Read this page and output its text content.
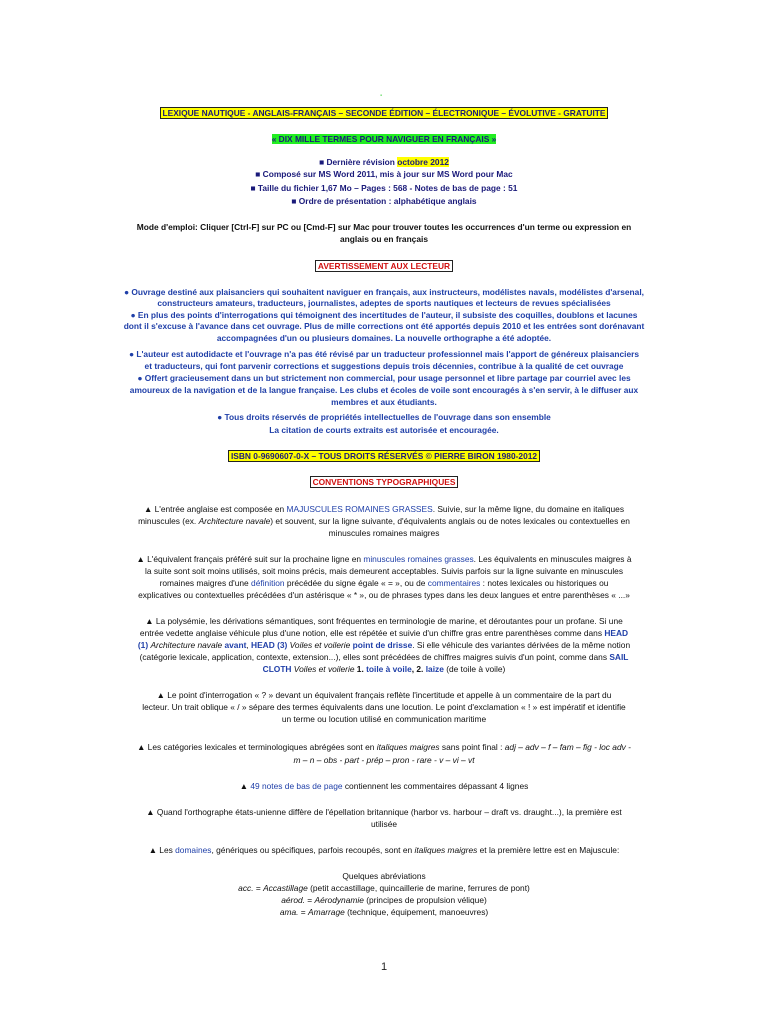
▪

LEXIQUE NAUTIQUE - ANGLAIS-FRANÇAIS – SECONDE ÉDITION – ÉLECTRONIQUE – ÉVOLUTIVE - GRATUITE

« DIX MILLE TERMES POUR NAVIGUER EN FRANÇAIS »

■ Dernière révision octobre 2012

■ Composé sur MS Word 2011, mis à jour sur MS Word pour Mac

■ Taille du fichier 1,67 Mo – Pages : 568 - Notes de bas de page : 51

■ Ordre de présentation : alphabétique anglais

Mode d'emploi: Cliquer [Ctrl-F] sur PC ou [Cmd-F] sur Mac pour trouver toutes les occurrences d'un terme ou expression en

anglais ou en français

AVERTISSEMENT AUX LECTEUR

● Ouvrage destiné aux plaisanciers qui souhaitent naviguer en français, aux instructeurs, modélistes navals, modélistes d'arsenal,

constructeurs amateurs, traducteurs, journalistes, adeptes de sports nautiques et lecteurs de revues spécialisées

● En plus des points d'interrogations qui témoignent des incertitudes de l'auteur, il subsiste des coquilles, doublons et lacunes

dont il s'excuse à l'avance dans cet ouvrage. Plus de mille corrections ont été apportés depuis 2010 et les entrées sont dorénavant

accompagnées d'un ou plusieurs domaines. La nouvelle orthographe a été adoptée.

● L'auteur est autodidacte et l'ouvrage n'a pas été révisé par un traducteur professionnel mais l'apport de généreux plaisanciers

et traducteurs, qui font parvenir corrections et suggestions depuis trois décennies, contribue à la qualité de cet ouvrage

● Offert gracieusement dans un but strictement non commercial, pour usage personnel et libre partage par courriel avec les

amoureux de la navigation et de la langue française. Les clubs et écoles de voile sont encouragés à s'en servir, à le diffuser aux

membres et aux étudiants.

● Tous droits réservés de propriétés intellectuelles de l'ouvrage dans son ensemble

La citation de courts extraits est autorisée et encouragée.

ISBN 0-9690607-0-X – TOUS DROITS RÉSERVÉS © PIERRE BIRON 1980-2012

CONVENTIONS TYPOGRAPHIQUES

▲ L'entrée anglaise est composée en MAJUSCULES ROMAINES GRASSES. Suivie, sur la même ligne, du domaine en italiques

minuscules (ex. Architecture navale) et souvent, sur la ligne suivante, d'équivalents anglais ou de notes lexicales ou contextuelles en

minuscules romaines maigres

▲ L'équivalent français préféré suit sur la prochaine ligne en minuscules romaines grasses. Les équivalents en minuscules maigres à

la suite sont soit moins utilisés, soit moins précis, mais demeurent acceptables. Suivis parfois sur la ligne suivante en minuscules

romaines maigres d'une définition précédée du signe égale « = », ou de commentaires : notes lexicales ou historiques ou

explicatives ou contextuelles précédées d'un astérisque « * », ou de phrases types dans les deux langues et entre parenthèses « ...»

▲ La polysémie, les dérivations sémantiques, sont fréquentes en terminologie de marine, et déroutantes pour un profane. Si une

entrée vedette anglaise véhicule plus d'une notion, elle est répétée et suivie d'un chiffre gras entre parenthèses comme dans HEAD

(1) Architecture navale avant, HEAD (3) Voiles et voilerie point de drisse. Si elle véhicule des variantes dérivées de la même notion

(catégorie lexicale, application, contexte, extension...), elles sont précédées de chiffres maigres suivis d'un point, comme dans SAIL

CLOTH Voiles et voilerie 1. toile à voile, 2. laize (de toile à voile)

▲ Le point d'interrogation « ? » devant un équivalent français reflète l'incertitude et appelle à un commentaire de la part du

lecteur. Un trait oblique « / » sépare des termes équivalents dans une locution. Le point d'exclamation « ! » est impératif et identifie

un terme ou locution utilisé en communication maritime

▲ Les catégories lexicales et terminologiques abrégées sont en italiques maigres sans point final : adj – adv – f – fam – fig - loc adv -

m – n – obs - part - prép – pron - rare - v – vi – vt

▲ 49 notes de bas de page contiennent les commentaires dépassant 4 lignes

▲ Quand l'orthographe états-unienne diffère de l'épellation britannique (harbor vs. harbour – draft vs. draught...), la première est

utilisée

▲ Les domaines, génériques ou spécifiques, parfois recoupés, sont en italiques maigres et la première lettre est en Majuscule:

Quelques abréviations

acc. = Accastillage (petit accastillage, quincaillerie de marine, ferrures de pont)

aérod. = Aérodynamie (principes de propulsion vélique)

ama. = Amarrage (technique, équipement, manoeuvres)

1
